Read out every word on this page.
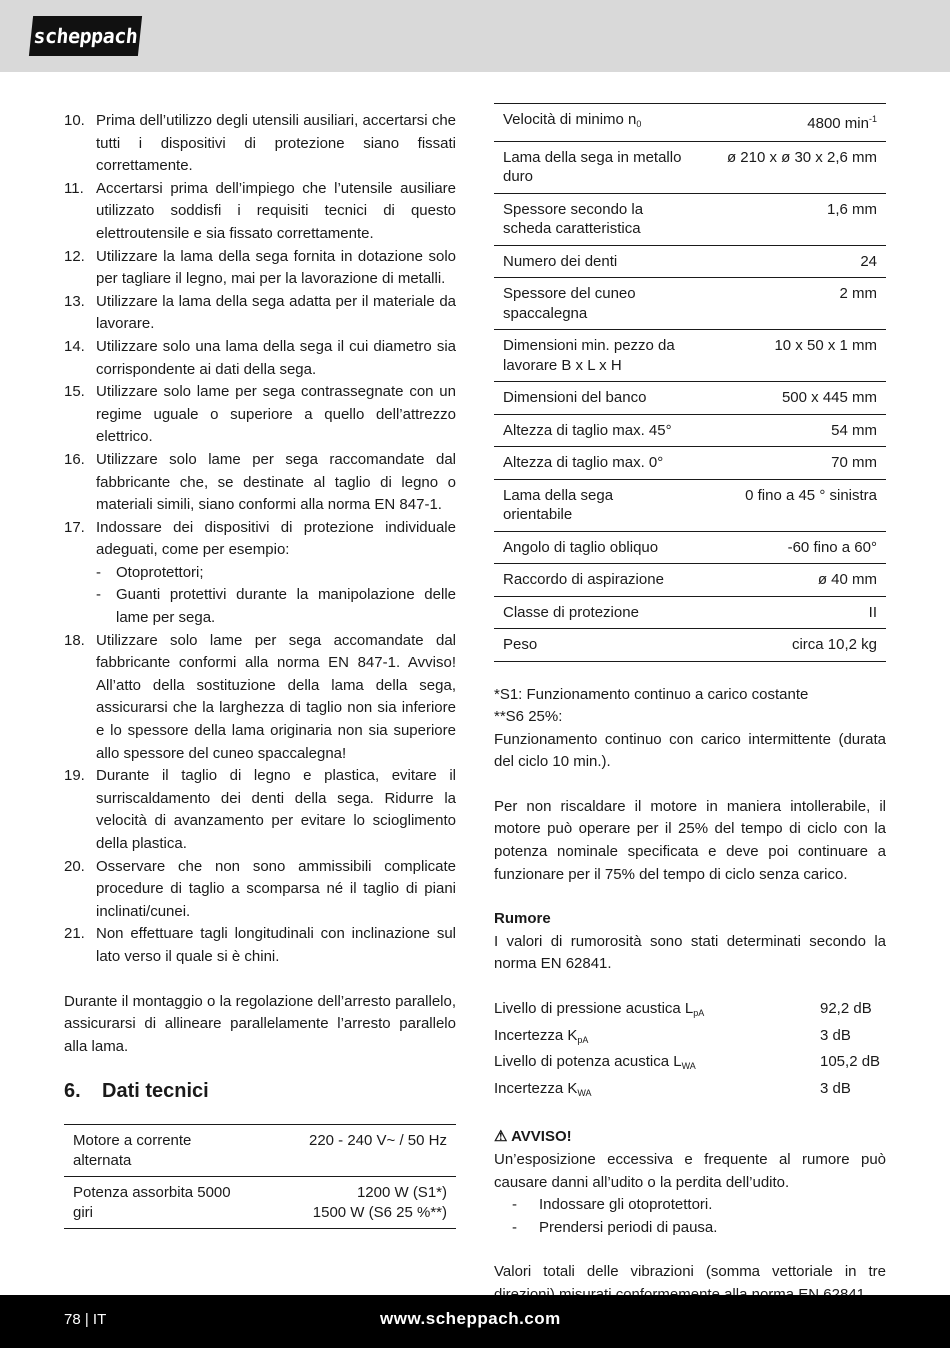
scheppach
10. Prima dell’utilizzo degli utensili ausiliari, accertarsi che tutti i dispositivi di protezione siano fissati correttamente.
11. Accertarsi prima dell’impiego che l’utensile ausiliare utilizzato soddisfi i requisiti tecnici di questo elettroutensile e sia fissato correttamente.
12. Utilizzare la lama della sega fornita in dotazione solo per tagliare il legno, mai per la lavorazione di metalli.
13. Utilizzare la lama della sega adatta per il materiale da lavorare.
14. Utilizzare solo una lama della sega il cui diametro sia corrispondente ai dati della sega.
15. Utilizzare solo lame per sega contrassegnate con un regime uguale o superiore a quello dell’attrezzo elettrico.
16. Utilizzare solo lame per sega raccomandate dal fabbricante che, se destinate al taglio di legno o materiali simili, siano conformi alla norma EN 847-1.
17. Indossare dei dispositivi di protezione individuale adeguati, come per esempio:
- Otoprotettori;
- Guanti protettivi durante la manipolazione delle lame per sega.
18. Utilizzare solo lame per sega accomandate dal fabbricante conformi alla norma EN 847-1. Avviso! All’atto della sostituzione della lama della sega, assicurarsi che la larghezza di taglio non sia inferiore e lo spessore della lama originaria non sia superiore allo spessore del cuneo spaccalegna!
19. Durante il taglio di legno e plastica, evitare il surriscaldamento dei denti della sega. Ridurre la velocità di avanzamento per evitare lo scioglimento della plastica.
20. Osservare che non sono ammissibili complicate procedure di taglio a scomparsa né il taglio di piani inclinati/cunei.
21. Non effettuare tagli longitudinali con inclinazione sul lato verso il quale si è chini.

Durante il montaggio o la regolazione dell’arresto parallelo, assicurarsi di allineare parallelamente l’arresto parallelo alla lama.

6. Dati tecnici
Motore a corrente alternata	220 - 240 V~ / 50 Hz
Potenza assorbita 5000 giri	1200 W (S1*)
1500 W (S6 25 %**)
Velocità di minimo $n_0$	4800 $\min^{-1}$
Lama della sega in metallo duro	ø 210 x ø 30 x 2,6 mm
Spessore secondo la scheda caratteristica	1,6 mm
Numero dei denti	24
Spessore del cuneo spaccalegna	2 mm
Dimensioni min. pezzo da lavorare B x L x H	10 x 50 x 1 mm
Dimensioni del banco	500 x 445 mm
Altezza di taglio max. 45°	54 mm
Altezza di taglio max. 0°	70 mm
Lama della sega orientabile	0 fino a 45 ° sinistra
Angolo di taglio obliquo	-60 fino a 60°
Raccordo di aspirazione	ø 40 mm
Classe di protezione	II
Peso	circa 10,2 kg

*S1: Funzionamento continuo a carico costante

**S6 25%:

Funzionamento continuo con carico intermittente (durata del ciclo 10 min.).

Per non riscaldare il motore in maniera intollerabile, il motore può operare per il 25% del tempo di ciclo con la potenza nominale specificata e deve poi continuare a funzionare per il 75% del tempo di ciclo senza carico.

Rumore

I valori di rumorosità sono stati determinati secondo la norma EN 62841.

Livello di pressione acustica $L_{pA}$	92,2 dB
Incertezza $K_{pA}$	3 dB
Livello di potenza acustica $L_{WA}$	105,2 dB
Incertezza $K_{WA}$	3 dB

⚠ AVVISO!

Un’esposizione eccessiva e frequente al rumore può causare danni all’udito o la perdita dell’udito.

- Indossare gli otoprotettori.
- Prendersi periodi di pausa.

Valori totali delle vibrazioni (somma vettoriale in tre

78 | IT	www.scheppach.com
